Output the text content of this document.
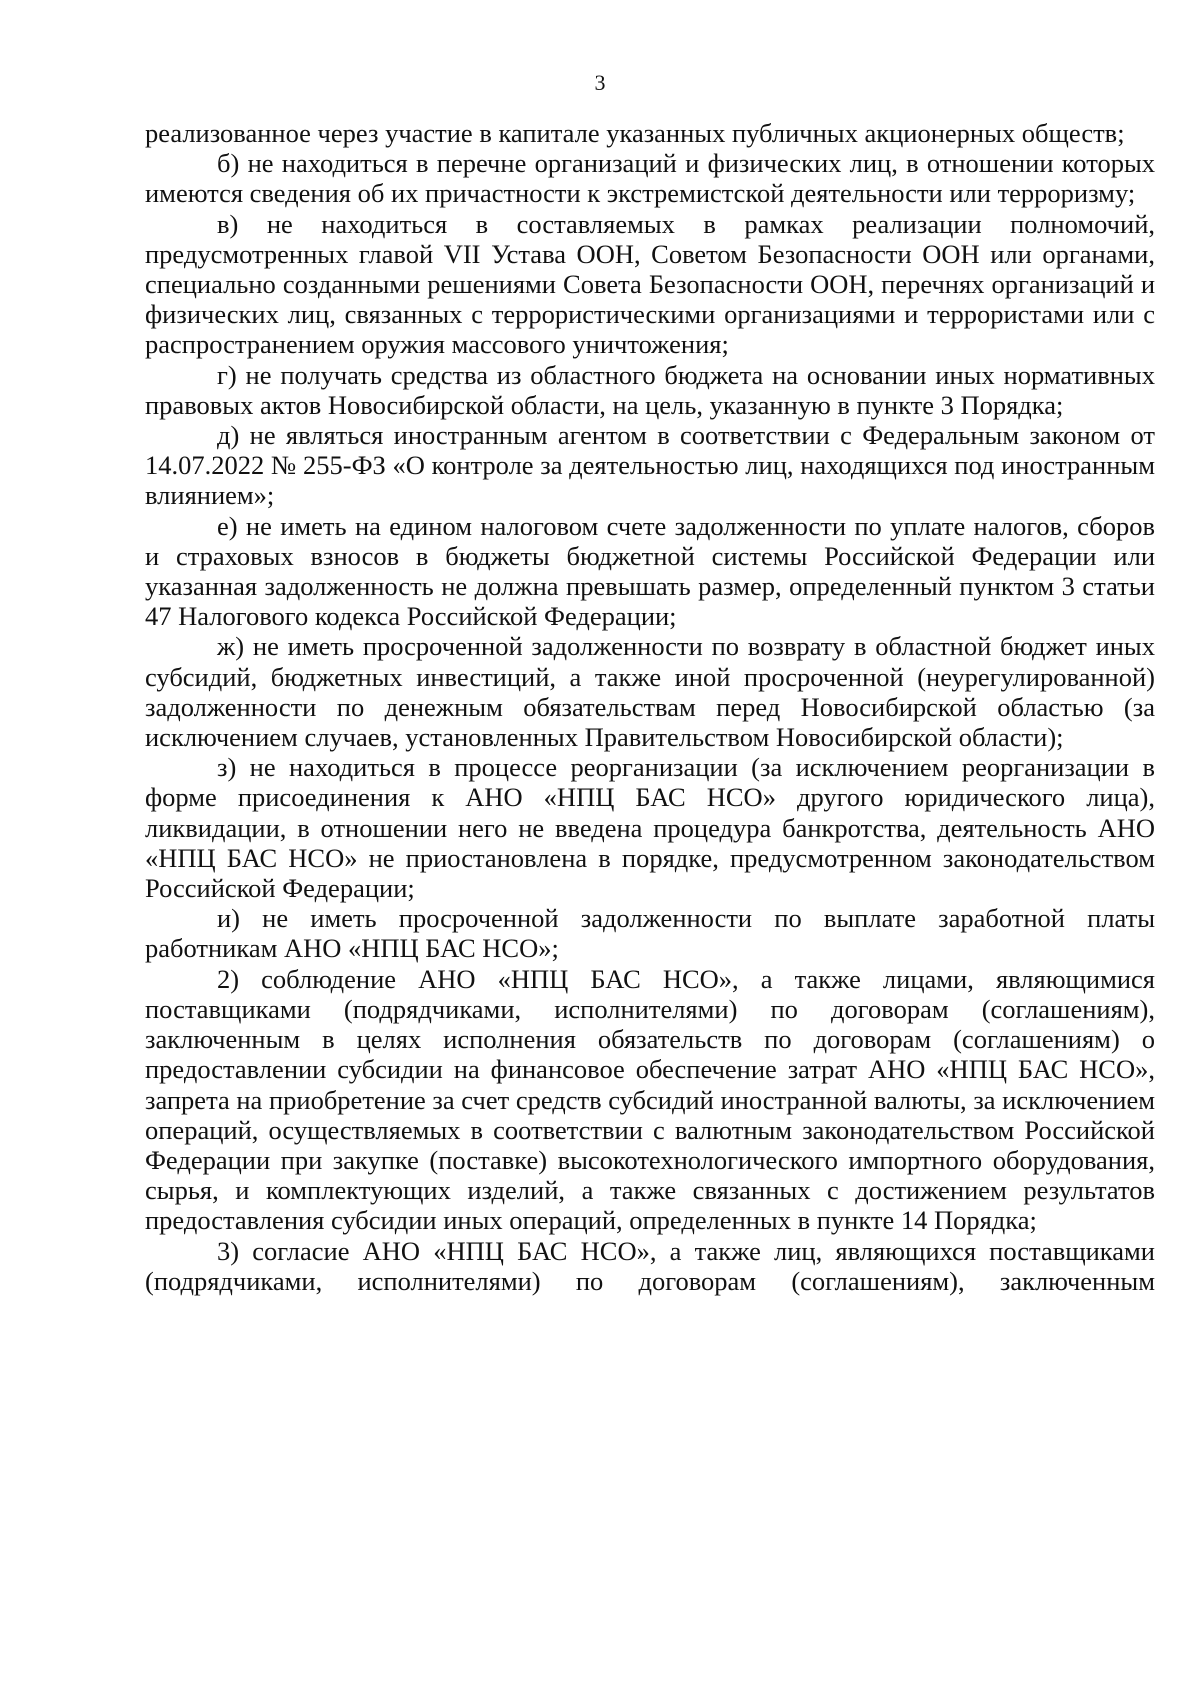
3

реализованное через участие в капитале указанных публичных акционерных обществ;

б) не находиться в перечне организаций и физических лиц, в отношении которых имеются сведения об их причастности к экстремистской деятельности или терроризму;

в) не находиться в составляемых в рамках реализации полномочий, предусмотренных главой VII Устава ООН, Советом Безопасности ООН или органами, специально созданными решениями Совета Безопасности ООН, перечнях организаций и физических лиц, связанных с террористическими организациями и террористами или с распространением оружия массового уничтожения;

г) не получать средства из областного бюджета на основании иных нормативных правовых актов Новосибирской области, на цель, указанную в пункте 3 Порядка;

д) не являться иностранным агентом в соответствии с Федеральным законом от 14.07.2022 № 255-ФЗ «О контроле за деятельностью лиц, находящихся под иностранным влиянием»;

е) не иметь на едином налоговом счете задолженности по уплате налогов, сборов и страховых взносов в бюджеты бюджетной системы Российской Федерации или указанная задолженность не должна превышать размер, определенный пунктом 3 статьи 47 Налогового кодекса Российской Федерации;

ж) не иметь просроченной задолженности по возврату в областной бюджет иных субсидий, бюджетных инвестиций, а также иной просроченной (неурегулированной) задолженности по денежным обязательствам перед Новосибирской областью (за исключением случаев, установленных Правительством Новосибирской области);

з) не находиться в процессе реорганизации (за исключением реорганизации в форме присоединения к АНО «НПЦ БАС НСО» другого юридического лица), ликвидации, в отношении него не введена процедура банкротства, деятельность АНО «НПЦ БАС НСО» не приостановлена в порядке, предусмотренном законодательством Российской Федерации;

и) не иметь просроченной задолженности по выплате заработной платы работникам АНО «НПЦ БАС НСО»;

2) соблюдение АНО «НПЦ БАС НСО», а также лицами, являющимися поставщиками (подрядчиками, исполнителями) по договорам (соглашениям), заключенным в целях исполнения обязательств по договорам (соглашениям) о предоставлении субсидии на финансовое обеспечение затрат АНО «НПЦ БАС НСО», запрета на приобретение за счет средств субсидий иностранной валюты, за исключением операций, осуществляемых в соответствии с валютным законодательством Российской Федерации при закупке (поставке) высокотехнологического импортного оборудования, сырья, и комплектующих изделий, а также связанных с достижением результатов предоставления субсидии иных операций, определенных в пункте 14 Порядка;

3) согласие АНО «НПЦ БАС НСО», а также лиц, являющихся поставщиками (подрядчиками, исполнителями) по договорам (соглашениям), заключенным
